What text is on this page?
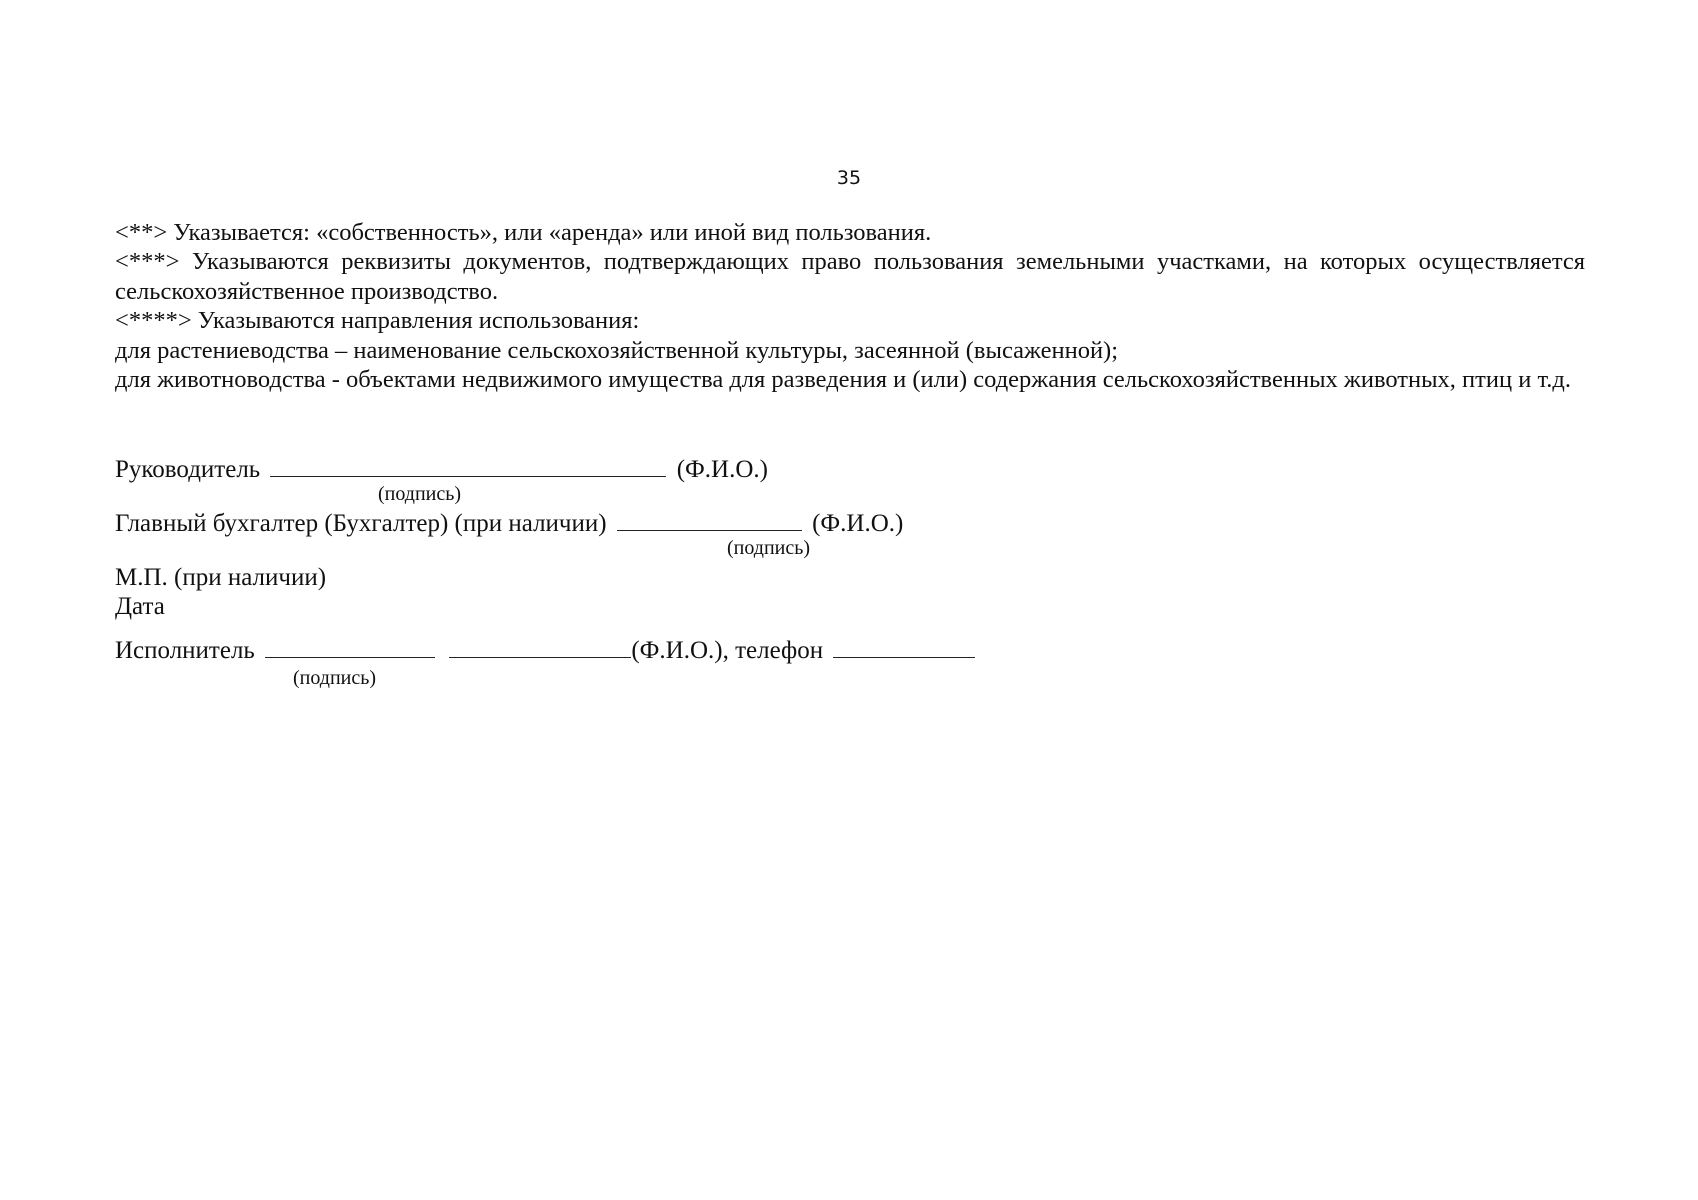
35

<**> Указывается: «собственность», или «аренда» или иной вид пользования.

<***> Указываются реквизиты документов, подтверждающих право пользования земельными участками, на которых осуществляется сельскохозяйственное производство.

<****> Указываются направления использования:

для растениеводства – наименование сельскохозяйственной культуры, засеянной (высаженной);

для животноводства - объектами недвижимого имущества для разведения и (или) содержания сельскохозяйственных животных, птиц и т.д.

Руководитель	(Ф.И.О.)
(подпись)
Главный бухгалтер (Бухгалтер) (при наличии)	(Ф.И.О.)
(подпись)
М.П. (при наличии)
Дата
Исполнитель	(Ф.И.О.), телефон
(подпись)
